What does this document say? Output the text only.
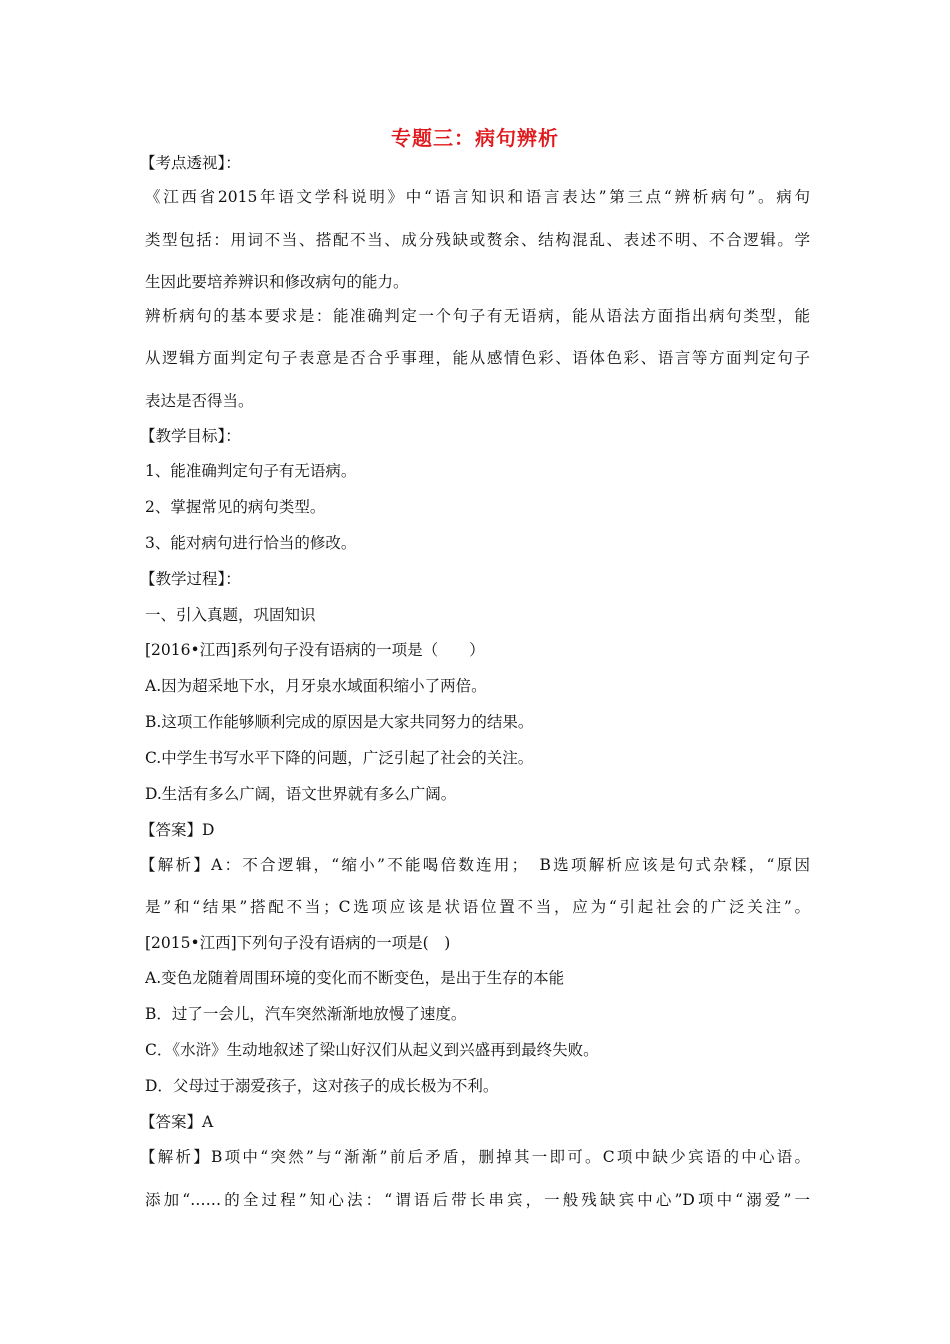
专题三：病句辨析
【考点透视】：
《江西省2015年语文学科说明》中“语言知识和语言表达”第三点“辨析病句”。病句
类型包括：用词不当、搭配不当、成分残缺或赘余、结构混乱、表述不明、不合逻辑。学
生因此要培养辨识和修改病句的能力。
辨析病句的基本要求是：能准确判定一个句子有无语病，能从语法方面指出病句类型，能
从逻辑方面判定句子表意是否合乎事理，能从感情色彩、语体色彩、语言等方面判定句子
表达是否得当。
【教学目标】：
1、能准确判定句子有无语病。
2、掌握常见的病句类型。
3、能对病句进行恰当的修改。
【教学过程】：
一、引入真题，巩固知识
[2016•江西]系列句子没有语病的一项是（　　）
A.因为超采地下水，月牙泉水域面积缩小了两倍。
B.这项工作能够顺利完成的原因是大家共同努力的结果。
C.中学生书写水平下降的问题，广泛引起了社会的关注。
D.生活有多么广阔，语文世界就有多么广阔。
【答案】D
【解析】A：不合逻辑，“缩小”不能喝倍数连用；　B选项解析应该是句式杂糅，“原因
是”和“结果”搭配不当；C选项应该是状语位置不当，应为“引起社会的广泛关注”。
[2015•江西]下列句子没有语病的一项是(　)
A.变色龙随着周围环境的变化而不断变色，是出于生存的本能
B．过了一会儿，汽车突然渐渐地放慢了速度。
C．《水浒》生动地叙述了梁山好汉们从起义到兴盛再到最终失败。
D．父母过于溺爱孩子，这对孩子的成长极为不利。
【答案】A
【解析】B项中“突然”与“渐渐”前后矛盾，删掉其一即可。C项中缺少宾语的中心语。
添加“……的全过程”知心法：“谓语后带长串宾，一般残缺宾中心”D项中“溺爱”一
